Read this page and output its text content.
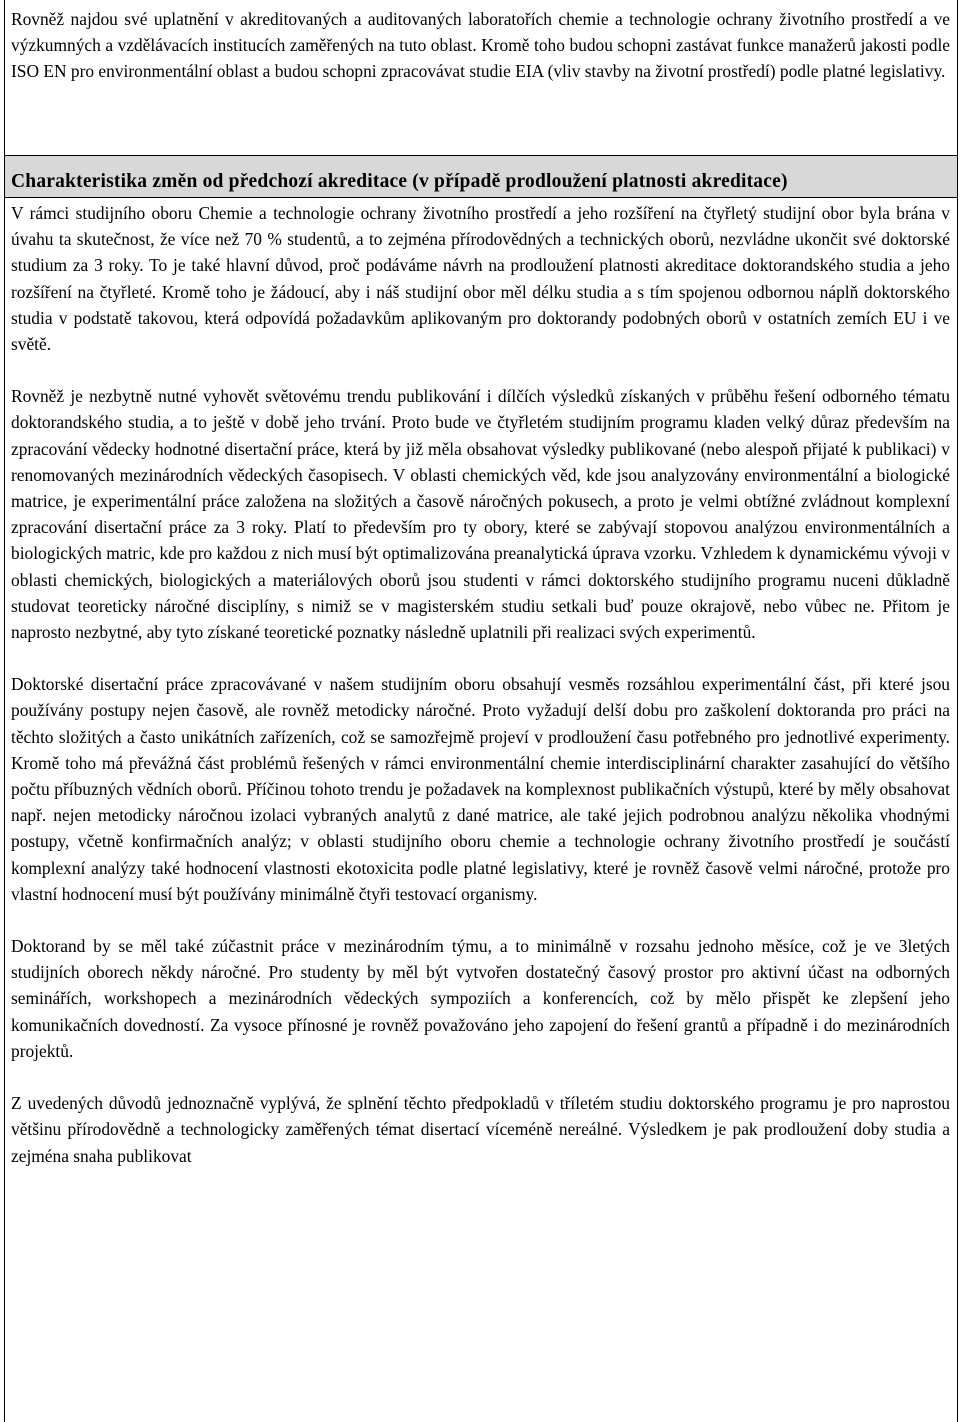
Rovněž najdou své uplatnění v akreditovaných a auditovaných laboratořích chemie a technologie ochrany životního prostředí a ve výzkumných a vzdělávacích institucích zaměřených na tuto oblast. Kromě toho budou schopni zastávat funkce manažerů jakosti podle ISO EN pro environmentální oblast a budou schopni zpracovávat studie EIA (vliv stavby na životní prostředí) podle platné legislativy.
Charakteristika změn od předchozí akreditace (v případě prodloužení platnosti akreditace)

V rámci studijního oboru Chemie a technologie ochrany životního prostředí a jeho rozšíření na čtyřletý studijní obor byla brána v úvahu ta skutečnost, že více než 70 % studentů, a to zejména přírodovědných a technických oborů, nezvládne ukončit své doktorské studium za 3 roky. To je také hlavní důvod, proč podáváme návrh na prodloužení platnosti akreditace doktorandského studia a jeho rozšíření na čtyřleté. Kromě toho je žádoucí, aby i náš studijní obor měl délku studia a s tím spojenou odbornou náplň doktorského studia v podstatě takovou, která odpovídá požadavkům aplikovaným pro doktorandy podobných oborů v ostatních zemích EU i ve světě.

Rovněž je nezbytně nutné vyhovět světovému trendu publikování i dílčích výsledků získaných v průběhu řešení odborného tématu doktorandského studia, a to ještě v době jeho trvání. Proto bude ve čtyřletém studijním programu kladen velký důraz především na zpracování vědecky hodnotné disertační práce, která by již měla obsahovat výsledky publikované (nebo alespoň přijaté k publikaci) v renomovaných mezinárodních vědeckých časopisech. V oblasti chemických věd, kde jsou analyzovány environmentální a biologické matrice, je experimentální práce založena na složitých a časově náročných pokusech, a proto je velmi obtížné zvládnout komplexní zpracování disertační práce za 3 roky. Platí to především pro ty obory, které se zabývají stopovou analýzou environmentálních a biologických matric, kde pro každou z nich musí být optimalizována preanalytická úprava vzorku. Vzhledem k dynamickému vývoji v oblasti chemických, biologických a materiálových oborů jsou studenti v rámci doktorského studijního programu nuceni důkladně studovat teoreticky náročné disciplíny, s nimiž se v magisterském studiu setkali buď pouze okrajově, nebo vůbec ne. Přitom je naprosto nezbytné, aby tyto získané teoretické poznatky následně uplatnili při realizaci svých experimentů.

Doktorské disertační práce zpracovávané v našem studijním oboru obsahují vesměs rozsáhlou experimentální část, při které jsou používány postupy nejen časově, ale rovněž metodicky náročné. Proto vyžadují delší dobu pro zaškolení doktoranda pro práci na těchto složitých a často unikátních zařízeních, což se samozřejmě projeví v prodloužení času potřebného pro jednotlivé experimenty. Kromě toho má převážná část problémů řešených v rámci environmentální chemie interdisciplinární charakter zasahující do většího počtu příbuzných vědních oborů. Příčinou tohoto trendu je požadavek na komplexnost publikačních výstupů, které by měly obsahovat např. nejen metodicky náročnou izolaci vybraných analytů z dané matrice, ale také jejich podrobnou analýzu několika vhodnými postupy, včetně konfirmačních analýz; v oblasti studijního oboru chemie a technologie ochrany životního prostředí je součástí komplexní analýzy také hodnocení vlastnosti ekotoxicita podle platné legislativy, které je rovněž časově velmi náročné, protože pro vlastní hodnocení musí být používány minimálně čtyři testovací organismy.

Doktorand by se měl také zúčastnit práce v mezinárodním týmu, a to minimálně v rozsahu jednoho měsíce, což je ve 3letých studijních oborech někdy náročné. Pro studenty by měl být vytvořen dostatečný časový prostor pro aktivní účast na odborných seminářích, workshopech a mezinárodních vědeckých sympoziích a konferencích, což by mělo přispět ke zlepšení jeho komunikačních dovedností. Za vysoce přínosné je rovněž považováno jeho zapojení do řešení grantů a případně i do mezinárodních projektů.

Z uvedených důvodů jednoznačně vyplývá, že splnění těchto předpokladů v tříletém studiu doktorského programu je pro naprostou většinu přírodovědně a technologicky zaměřených témat disertací víceméně nereálné. Výsledkem je pak prodloužení doby studia a zejména snaha publikovat
